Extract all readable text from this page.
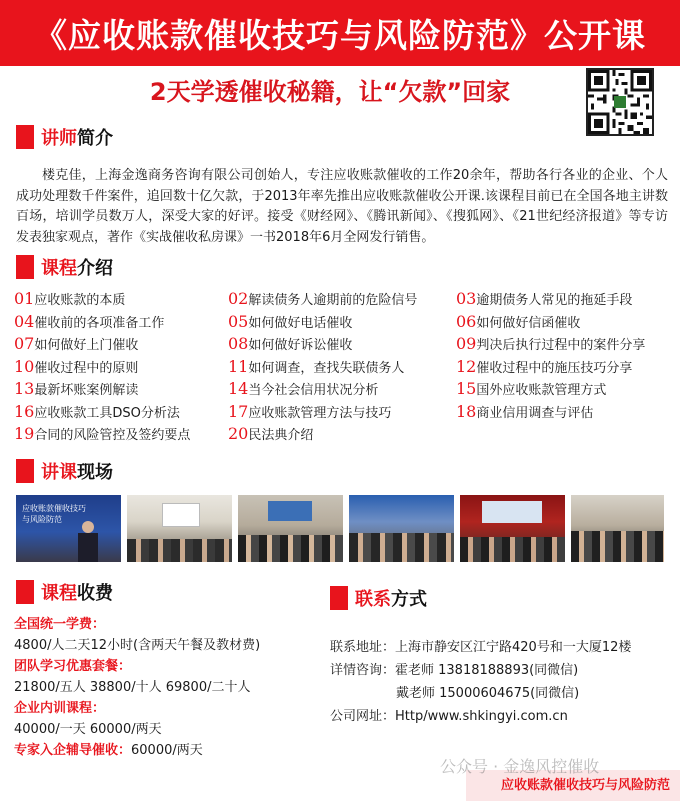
《应收账款催收技巧与风险防范》公开课
2天学透催收秘籍，让“欠款”回家
讲师 简介
楼克佳，上海金逸商务咨询有限公司创始人，专注应收账款催收的工作20余年，帮助各行各业的企业、个人成功处理数千件案件，追回数十亿欠款，于2013年率先推出应收账款催收公开课.该课程目前已在全国各地主讲数百场，培训学员数万人，深受大家的好评。接受《财经网》、《腾讯新闻》、《搜狐网》、《21世纪经济报道》等专访发表独家观点，著作《实战催收私房课》一书2018年6月全网发行销售。
课程 介绍
01应收账款的本质	02解读债务人逾期前的危险信号 03逾期债务人常见的拖延手段
04催收前的各项准备工作	05如何做好电话催收	06如何做好信函催收
07如何做好上门催收	08如何做好诉讼催收	09判决后执行过程中的案件分享
10催收过程中的原则	11如何调查，查找失联债务人	12催收过程中的施压技巧分享
13最新坏账案例解读	14当今社会信用状况分析	15国外应收账款管理方式
16应收账款工具DSO分析法	17应收账款管理方法与技巧	18商业信用调查与评估
19合同的风险管控及签约要点 20民法典介绍
讲课 现场
应收账款催收技巧
与风险防范
课程 收费
全国统一学费：
4800/人二天12小时(含两天午餐及教材费)
团队学习优惠套餐：
21800/五人 38800/十人 69800/二十人
企业内训课程：
40000/一天 60000/两天
专家入企辅导催收：60000/两天
联系 方式
联系地址：上海市静安区江宁路420号和一大厦12楼
详情咨询：霍老师 13818188893(同微信)
戴老师 15000604675(同微信)
公司网址：Http/www.shkingyi.com.cn
公众号 · 金逸风控催收
应收账款催收技巧与风险防范
